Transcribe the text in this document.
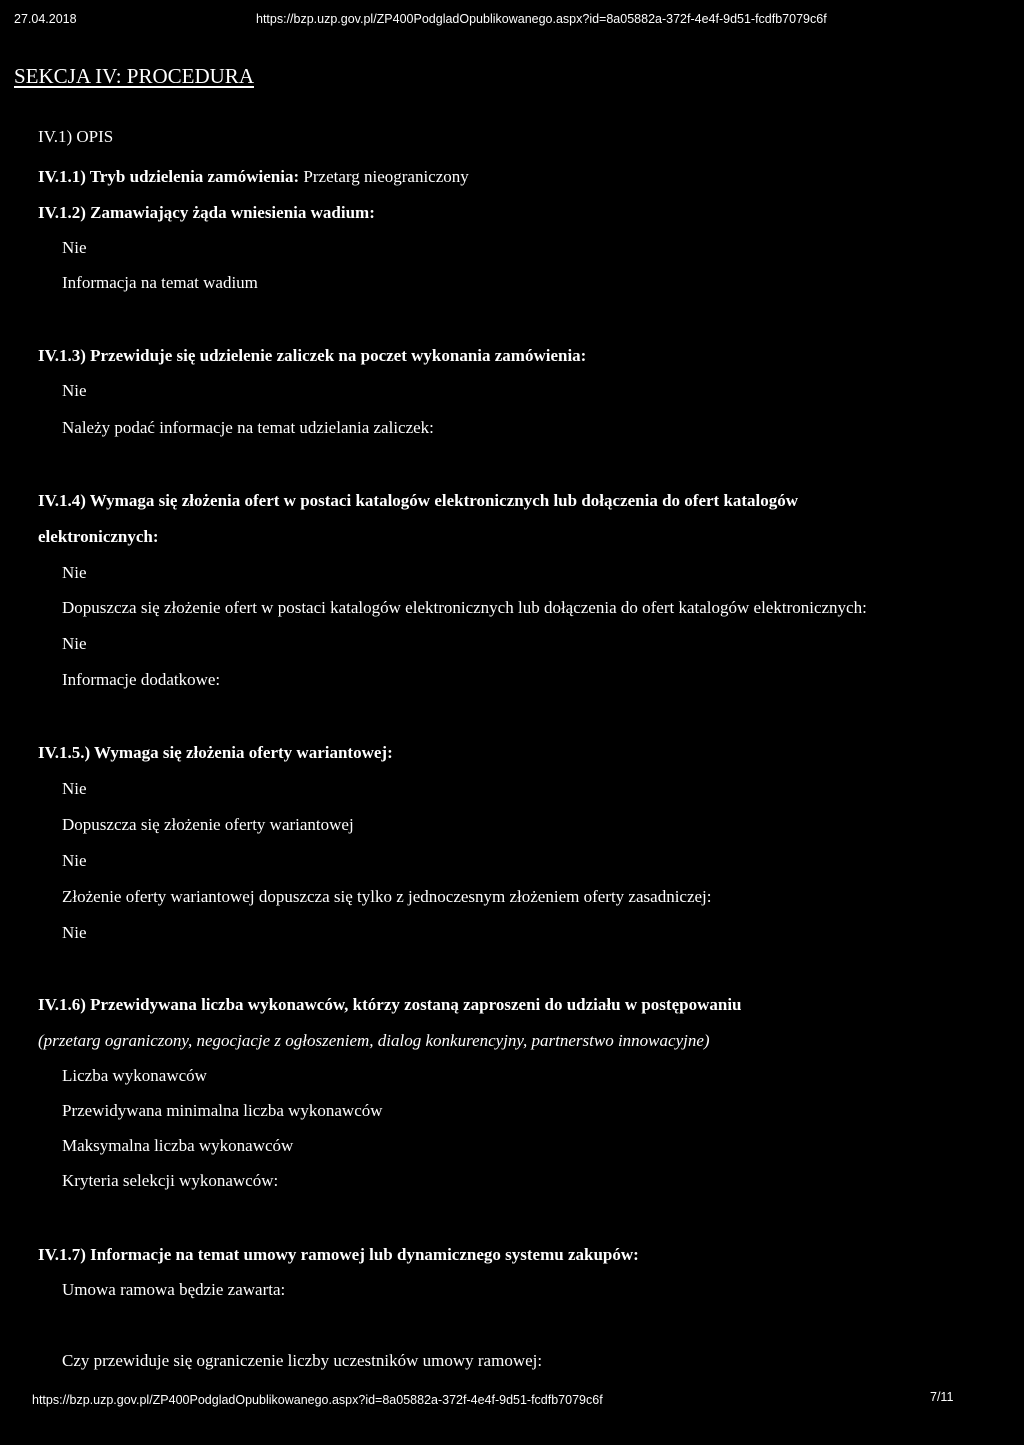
27.04.2018	https://bzp.uzp.gov.pl/ZP400PodgladOpublikowanego.aspx?id=8a05882a-372f-4e4f-9d51-fcdfb7079c6f
SEKCJA IV: PROCEDURA
IV.1) OPIS
IV.1.1) Tryb udzielenia zamówienia: Przetarg nieograniczony
IV.1.2) Zamawiający żąda wniesienia wadium:
Nie
Informacja na temat wadium
IV.1.3) Przewiduje się udzielenie zaliczek na poczet wykonania zamówienia:
Nie
Należy podać informacje na temat udzielania zaliczek:
IV.1.4) Wymaga się złożenia ofert w postaci katalogów elektronicznych lub dołączenia do ofert katalogów
elektronicznych:
Nie
Dopuszcza się złożenie ofert w postaci katalogów elektronicznych lub dołączenia do ofert katalogów elektronicznych:
Nie
Informacje dodatkowe:
IV.1.5.) Wymaga się złożenia oferty wariantowej:
Nie
Dopuszcza się złożenie oferty wariantowej
Nie
Złożenie oferty wariantowej dopuszcza się tylko z jednoczesnym złożeniem oferty zasadniczej:
Nie
IV.1.6) Przewidywana liczba wykonawców, którzy zostaną zaproszeni do udziału w postępowaniu
(przetarg ograniczony, negocjacje z ogłoszeniem, dialog konkurencyjny, partnerstwo innowacyjne)
Liczba wykonawców
Przewidywana minimalna liczba wykonawców
Maksymalna liczba wykonawców
Kryteria selekcji wykonawców:
IV.1.7) Informacje na temat umowy ramowej lub dynamicznego systemu zakupów:
Umowa ramowa będzie zawarta:
Czy przewiduje się ograniczenie liczby uczestników umowy ramowej:
https://bzp.uzp.gov.pl/ZP400PodgladOpublikowanego.aspx?id=8a05882a-372f-4e4f-9d51-fcdfb7079c6f	7/11
